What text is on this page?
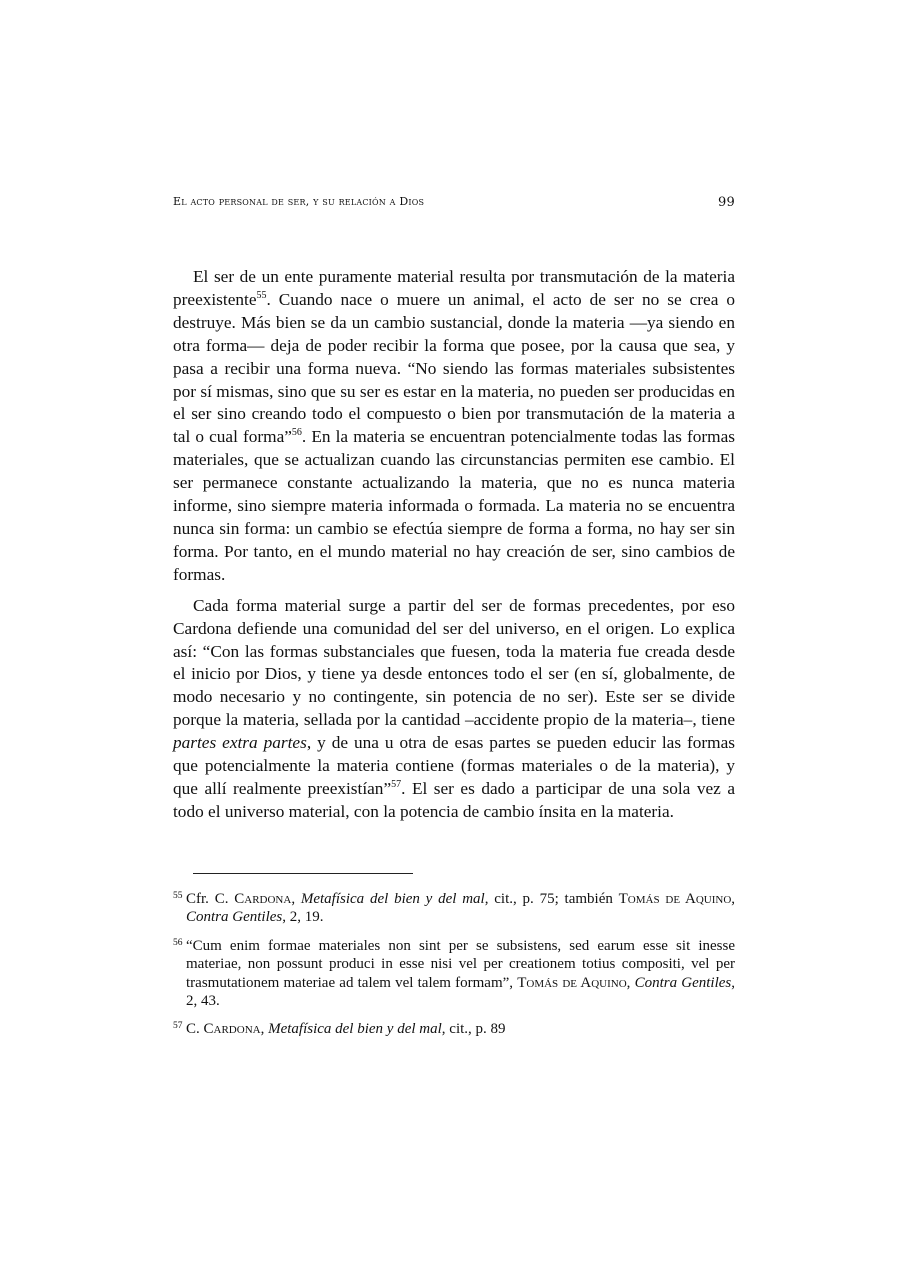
El acto personal de ser, y su relación a Dios	99

El ser de un ente puramente material resulta por transmutación de la materia preexistente$^{55}$. Cuando nace o muere un animal, el acto de ser no se crea o destruye. Más bien se da un cambio sustancial, donde la materia —ya siendo en otra forma— deja de poder recibir la forma que posee, por la causa que sea, y pasa a recibir una forma nueva. “No siendo las formas materiales subsistentes por sí mismas, sino que su ser es estar en la materia, no pueden ser producidas en el ser sino creando todo el compuesto o bien por transmutación de la materia a tal o cual forma”$^{56}$. En la materia se encuentran potencialmente todas las formas materiales, que se actualizan cuando las circunstancias permiten ese cambio. El ser permanece constante actualizando la materia, que no es nunca materia informe, sino siempre materia informada o formada. La materia no se encuentra nunca sin forma: un cambio se efectúa siempre de forma a forma, no hay ser sin forma. Por tanto, en el mundo material no hay creación de ser, sino cambios de formas.

Cada forma material surge a partir del ser de formas precedentes, por eso Cardona defiende una comunidad del ser del universo, en el origen. Lo explica así: “Con las formas substanciales que fuesen, toda la materia fue creada desde el inicio por Dios, y tiene ya desde entonces todo el ser (en sí, globalmente, de modo necesario y no contingente, sin potencia de no ser). Este ser se divide porque la materia, sellada por la cantidad –accidente propio de la materia–, tiene partes extra partes, y de una u otra de esas partes se pueden educir las formas que potencialmente la materia contiene (formas materiales o de la materia), y que allí realmente preexistían”$^{57}$. El ser es dado a participar de una sola vez a todo el universo material, con la potencia de cambio ínsita en la materia.

55 Cfr. C. Cardona, Metafísica del bien y del mal, cit., p. 75; también Tomás de Aquino, Contra Gentiles, 2, 19.
56 “Cum enim formae materiales non sint per se subsistens, sed earum esse sit inesse materiae, non possunt produci in esse nisi vel per creationem totius compositi, vel per trasmutationem materiae ad talem vel talem formam”, Tomás de Aquino, Contra Gentiles, 2, 43.
57 C. Cardona, Metafísica del bien y del mal, cit., p. 89
